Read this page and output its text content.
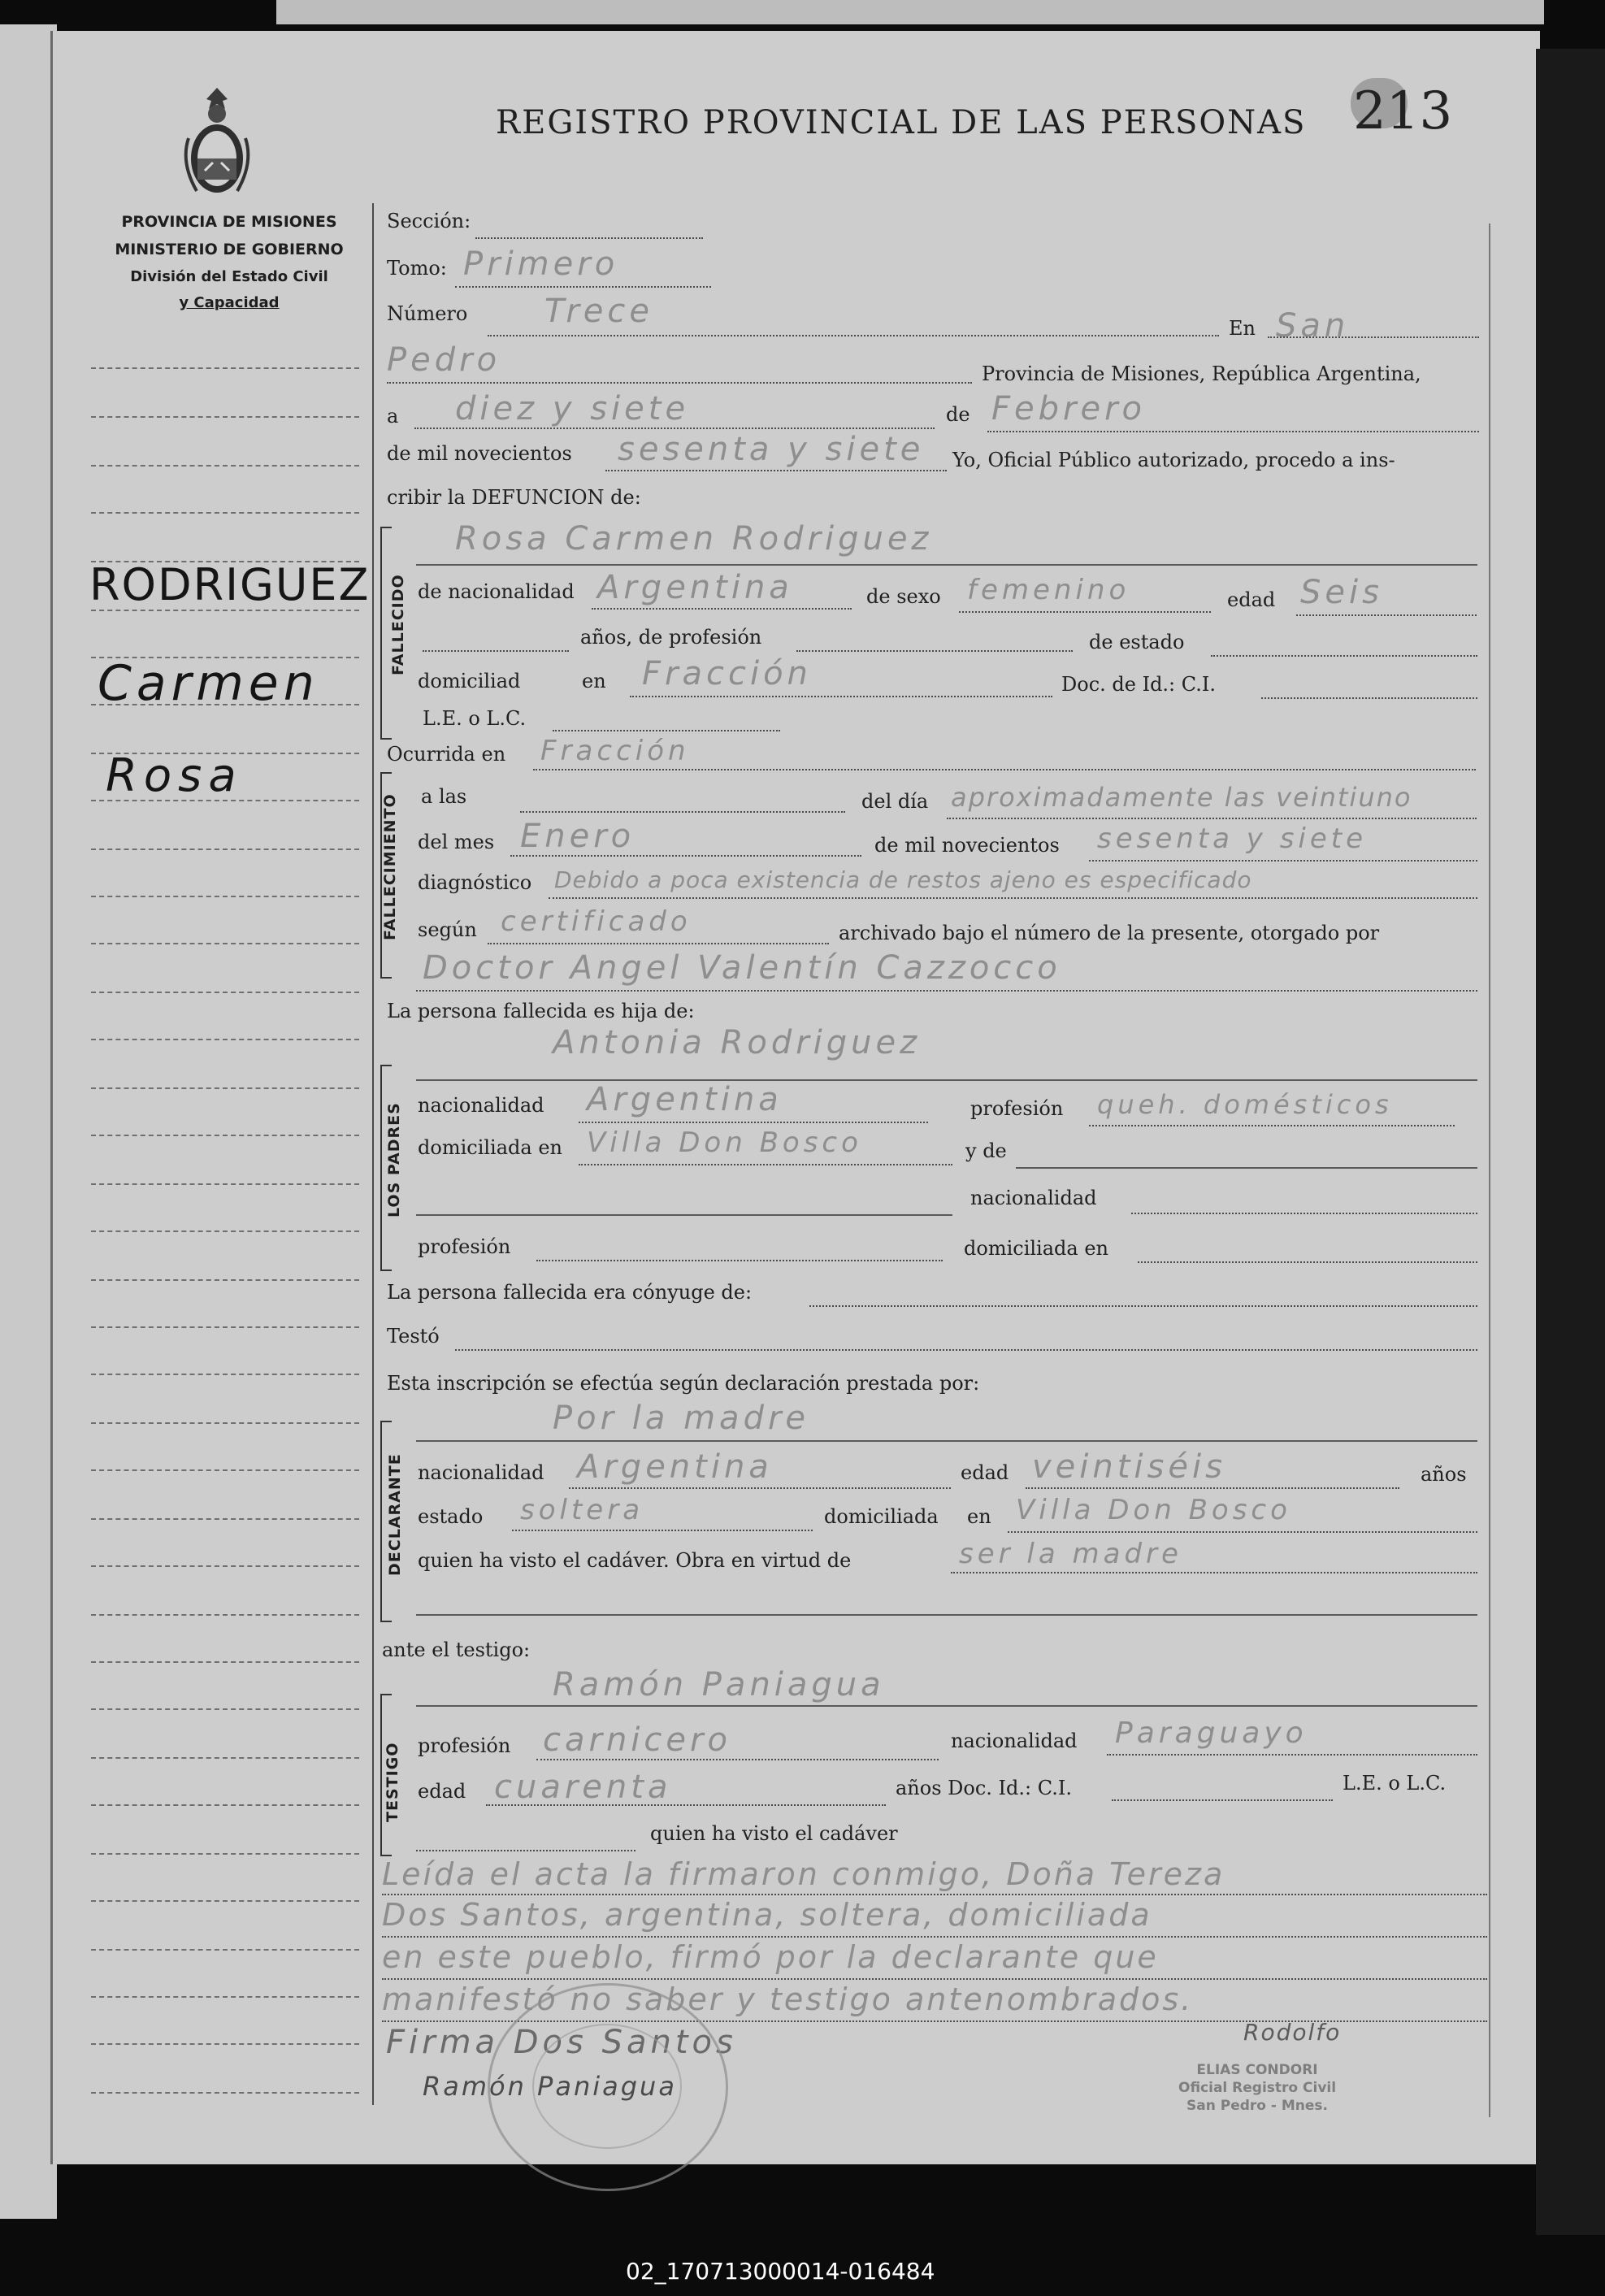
PROVINCIA DE MISIONES
MINISTERIO DE GOBIERNO
División del Estado Civil
y Capacidad
RODRIGUEZ
Carmen
Rosa
REGISTRO PROVINCIAL DE LAS PERSONAS 213
Sección:
Tomo: Primero
Número Trece	En San
Pedro	Provincia de Misiones, República Argentina,
a diez y siete	de Febrero
de mil novecientos sesenta y siete Yo, Oficial Público autorizado, procedo a ins-
cribir la DEFUNCION de:
FALLECIDO
Rosa Carmen Rodriguez
de nacionalidad Argentina	de sexo femenino	edad Seis
años, de profesión	de estado
domiciliad	en Fracción	Doc. de Id.: C.I.
L.E. o L.C.
Ocurrida en Fracción
FALLECIMIENTO a las	del día aproximadamente las veintiuno
del mes Enero	de mil novecientos sesenta y siete
diagnóstico Debido a poca existencia de restos ajeno es especificado
según certificado	archivado bajo el número de la presente, otorgado por
Doctor Angel Valentín Cazzocco
La persona fallecida es hija de:
LOS PADRES
Antonia Rodriguez
nacionalidad Argentina	profesión queh. domésticos
domiciliada en Villa Don Bosco	y de
nacionalidad
profesión	domiciliada en
La persona fallecida era cónyuge de:
Testó
Esta inscripción se efectúa según declaración prestada por:
DECLARANTE
Por la madre
nacionalidad Argentina	edad veintiséis	años
estado soltera	domiciliada en Villa Don Bosco
quien ha visto el cadáver. Obra en virtud de	ser la madre
ante el testigo:
TESTIGO
Ramón Paniagua
profesión carnicero	nacionalidad Paraguayo
edad cuarenta	años Doc. Id.: C.I.	L.E. o L.C.
quien ha visto el cadáver
Leída el acta la firmaron conmigo, Doña Tereza
Dos Santos, argentina, soltera, domiciliada
en este pueblo, firmó por la declarante que
manifestó no saber y testigo antenombrados.
Firma Dos Santos
Ramón Paniagua
Rodolfo
ELIAS CONDORI
Oficial Registro Civil
San Pedro - Mnes.
02_170713000014-016484
